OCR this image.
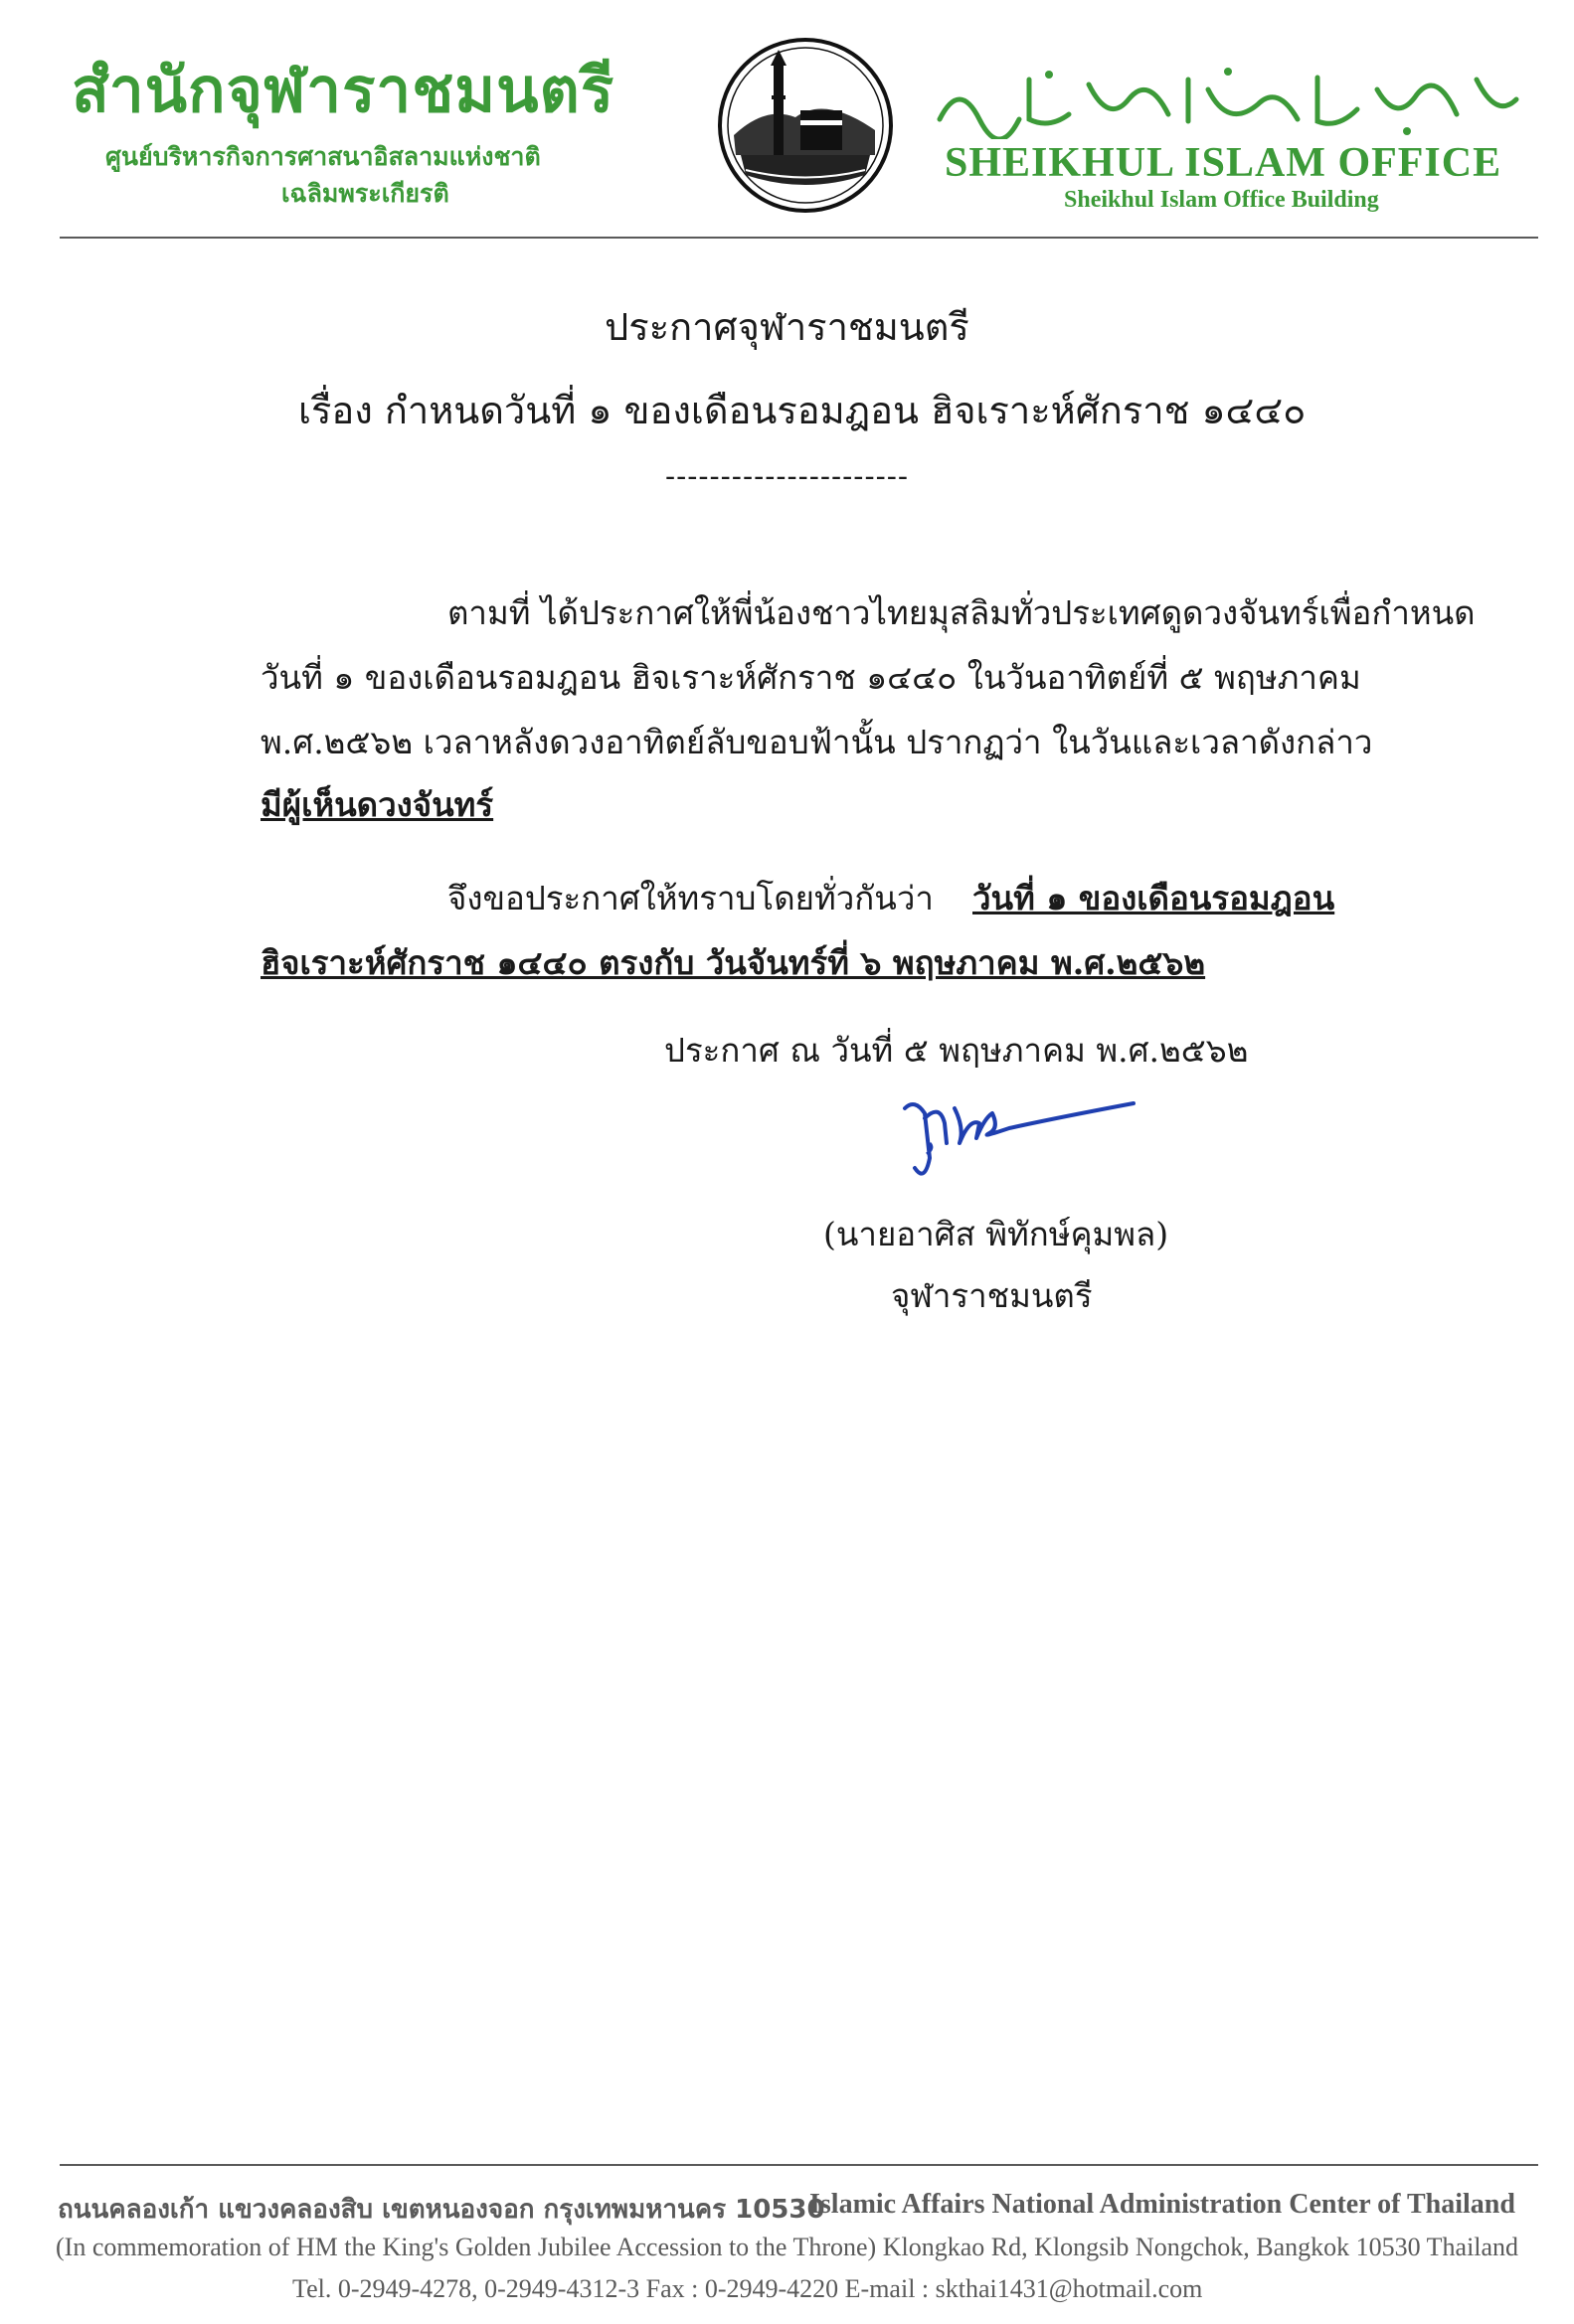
สำนักจุฬาราชมนตรี
ศูนย์บริหารกิจการศาสนาอิสลามแห่งชาติ
เฉลิมพระเกียรติ
SHEIKHUL ISLAM OFFICE
Sheikhul Islam Office Building
ประกาศจุฬาราชมนตรี
เรื่อง กำหนดวันที่ ๑ ของเดือนรอมฎอน ฮิจเราะห์ศักราช ๑๔๔๐
----------------------
ตามที่ ได้ประกาศให้พี่น้องชาวไทยมุสลิมทั่วประเทศดูดวงจันทร์เพื่อกำหนด
วันที่ ๑ ของเดือนรอมฎอน ฮิจเราะห์ศักราช ๑๔๔๐ ในวันอาทิตย์ที่ ๕ พฤษภาคม
พ.ศ.๒๕๖๒ เวลาหลังดวงอาทิตย์ลับขอบฟ้านั้น ปรากฏว่า ในวันและเวลาดังกล่าว
มีผู้เห็นดวงจันทร์
จึงขอประกาศให้ทราบโดยทั่วกันว่า วันที่ ๑ ของเดือนรอมฎอน
ฮิจเราะห์ศักราช ๑๔๔๐ ตรงกับ วันจันทร์ที่ ๖ พฤษภาคม พ.ศ.๒๕๖๒
ประกาศ ณ วันที่ ๕ พฤษภาคม พ.ศ.๒๕๖๒
(นายอาศิส พิทักษ์คุมพล)
จุฬาราชมนตรี
ถนนคลองเก้า แขวงคลองสิบ เขตหนองจอก กรุงเทพมหานคร 10530
Islamic Affairs National Administration Center of Thailand
(In commemoration of HM the King's Golden Jubilee Accession to the Throne) Klongkao Rd, Klongsib Nongchok, Bangkok 10530 Thailand
Tel. 0-2949-4278, 0-2949-4312-3 Fax : 0-2949-4220 E-mail : skthai1431@hotmail.com
